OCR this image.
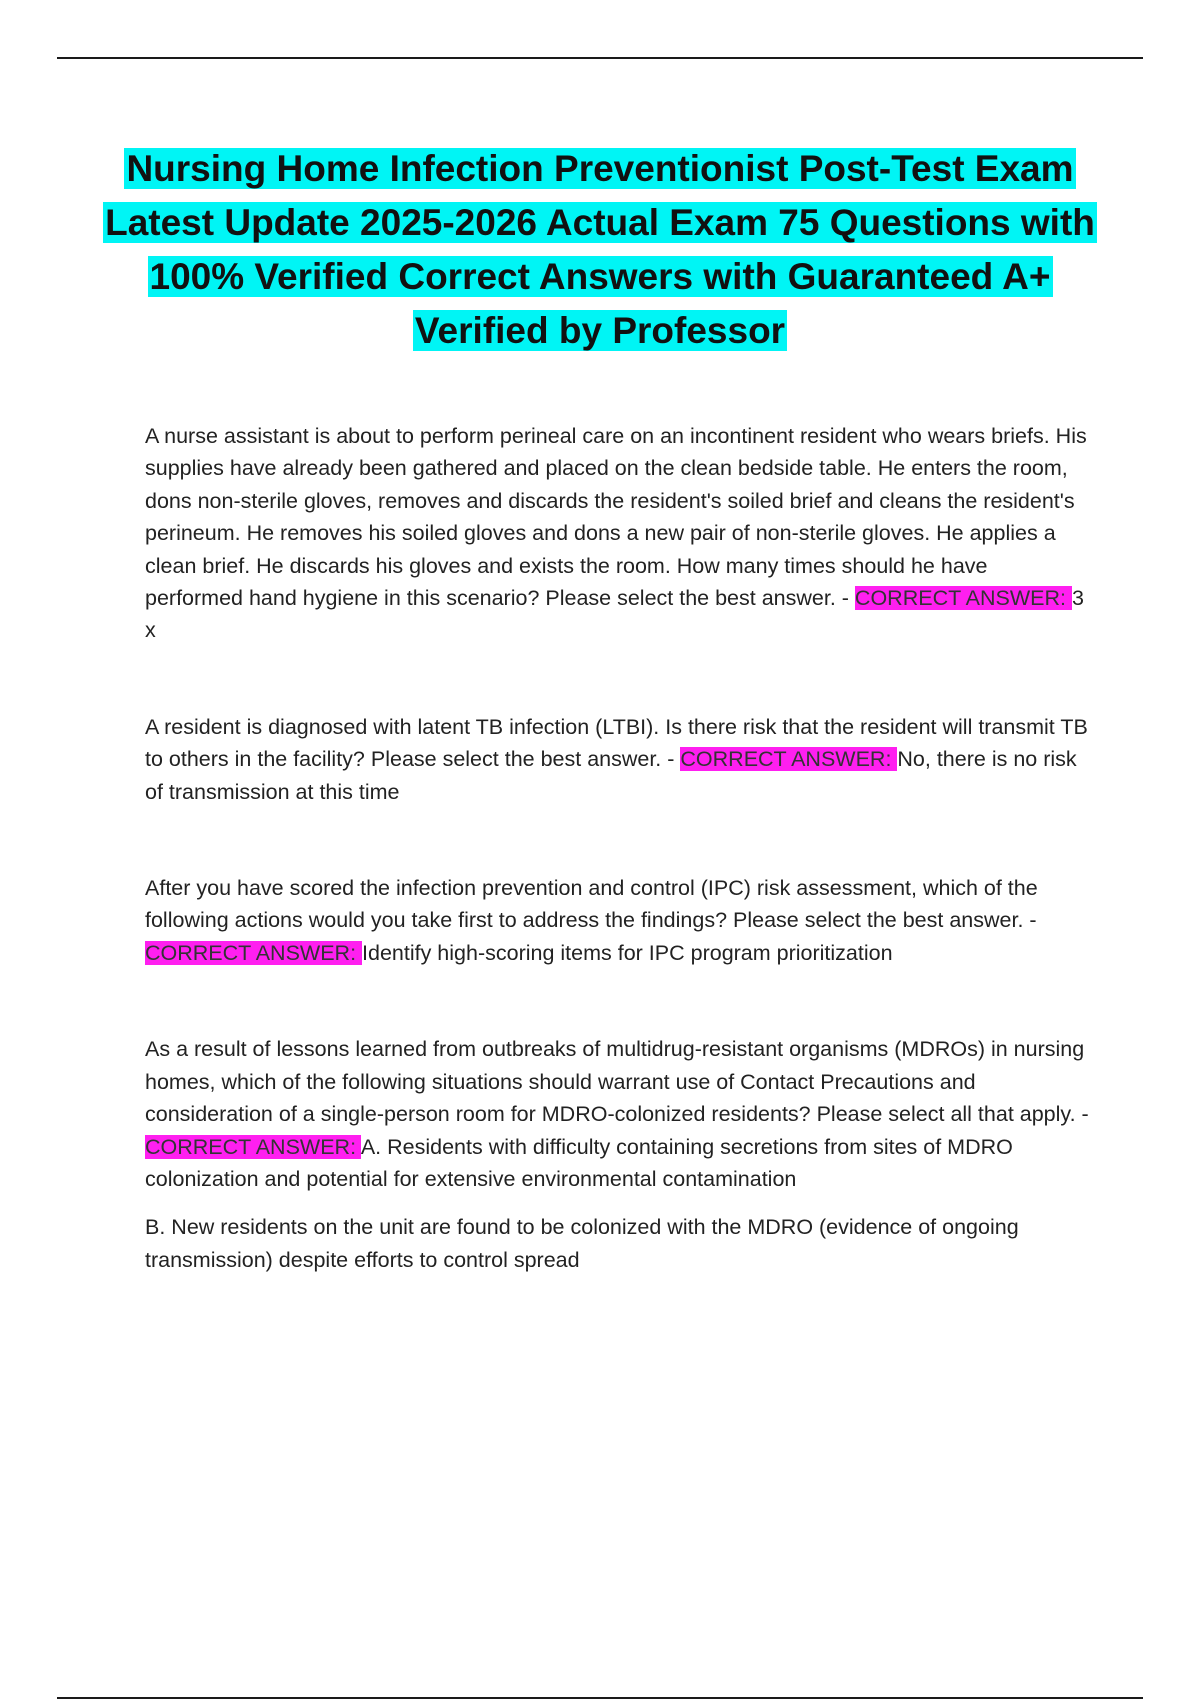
Nursing Home Infection Preventionist Post-Test Exam Latest Update 2025-2026 Actual Exam 75 Questions with 100% Verified Correct Answers with Guaranteed A+ Verified by Professor

A nurse assistant is about to perform perineal care on an incontinent resident who wears briefs. His supplies have already been gathered and placed on the clean bedside table. He enters the room, dons non-sterile gloves, removes and discards the resident's soiled brief and cleans the resident's perineum. He removes his soiled gloves and dons a new pair of non-sterile gloves. He applies a clean brief. He discards his gloves and exists the room. How many times should he have performed hand hygiene in this scenario? Please select the best answer. - CORRECT ANSWER: 3 x

A resident is diagnosed with latent TB infection (LTBI). Is there risk that the resident will transmit TB to others in the facility? Please select the best answer. - CORRECT ANSWER: No, there is no risk of transmission at this time

After you have scored the infection prevention and control (IPC) risk assessment, which of the following actions would you take first to address the findings? Please select the best answer. - CORRECT ANSWER: Identify high-scoring items for IPC program prioritization

As a result of lessons learned from outbreaks of multidrug-resistant organisms (MDROs) in nursing homes, which of the following situations should warrant use of Contact Precautions and consideration of a single-person room for MDRO-colonized residents? Please select all that apply. - CORRECT ANSWER: A. Residents with difficulty containing secretions from sites of MDRO colonization and potential for extensive environmental contamination

B. New residents on the unit are found to be colonized with the MDRO (evidence of ongoing transmission) despite efforts to control spread
